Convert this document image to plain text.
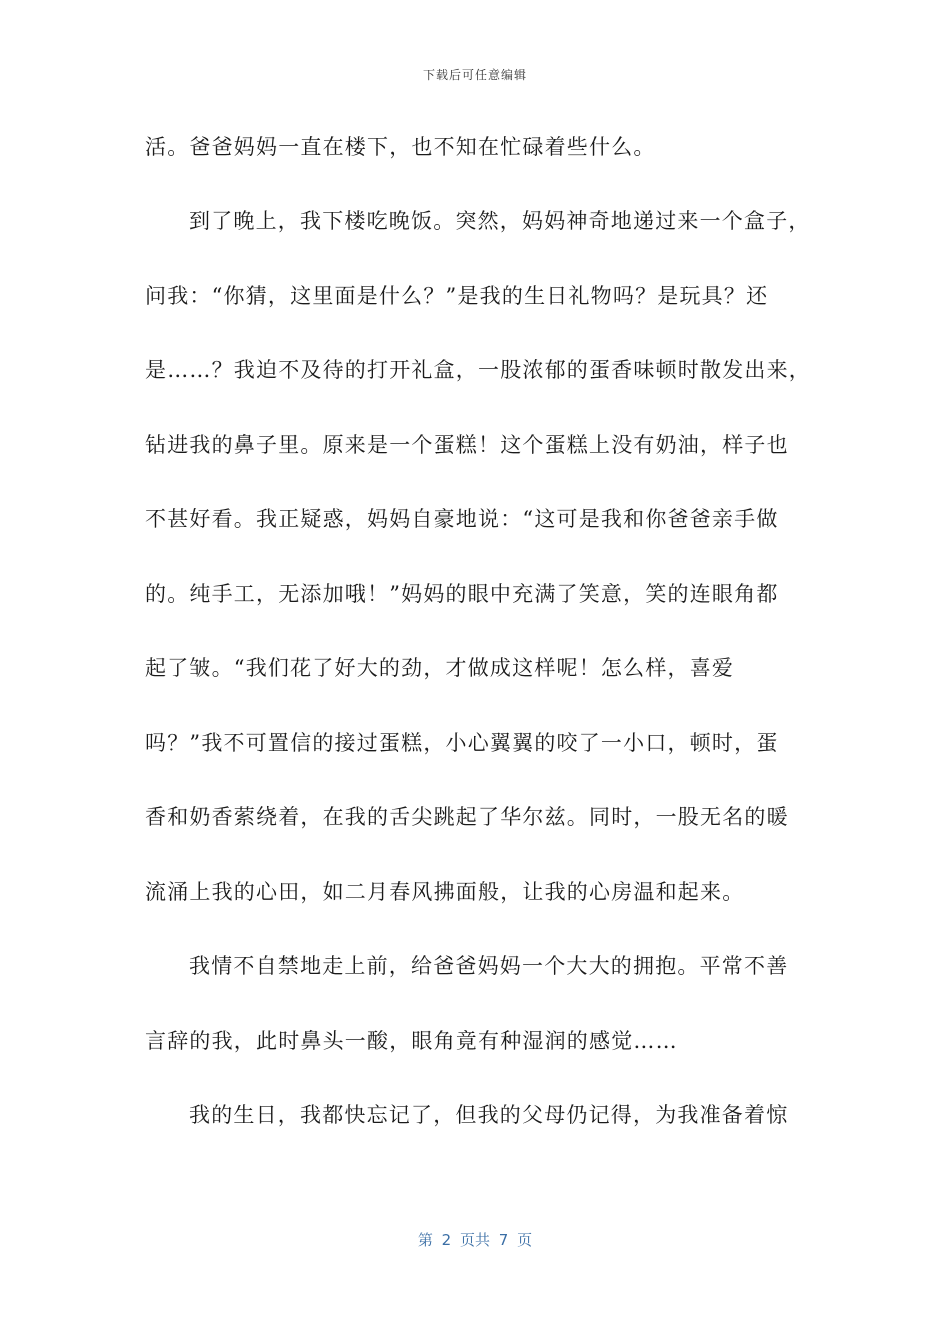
下载后可任意编辑
活。爸爸妈妈一直在楼下，也不知在忙碌着些什么。
到了晚上，我下楼吃晚饭。突然，妈妈神奇地递过来一个盒子，
问我：“你猜，这里面是什么？”是我的生日礼物吗？是玩具？还
是……？我迫不及待的打开礼盒，一股浓郁的蛋香味顿时散发出来，
钻进我的鼻子里。原来是一个蛋糕！这个蛋糕上没有奶油，样子也
不甚好看。我正疑惑，妈妈自豪地说：“这可是我和你爸爸亲手做
的。纯手工，无添加哦！”妈妈的眼中充满了笑意，笑的连眼角都
起了皱。“我们花了好大的劲，才做成这样呢！怎么样，喜爱
吗？”我不可置信的接过蛋糕，小心翼翼的咬了一小口，顿时，蛋
香和奶香萦绕着，在我的舌尖跳起了华尔兹。同时，一股无名的暖
流涌上我的心田，如二月春风拂面般，让我的心房温和起来。
我情不自禁地走上前，给爸爸妈妈一个大大的拥抱。平常不善
言辞的我，此时鼻头一酸，眼角竟有种湿润的感觉……
我的生日，我都快忘记了，但我的父母仍记得，为我准备着惊
第 2 页共 7 页
